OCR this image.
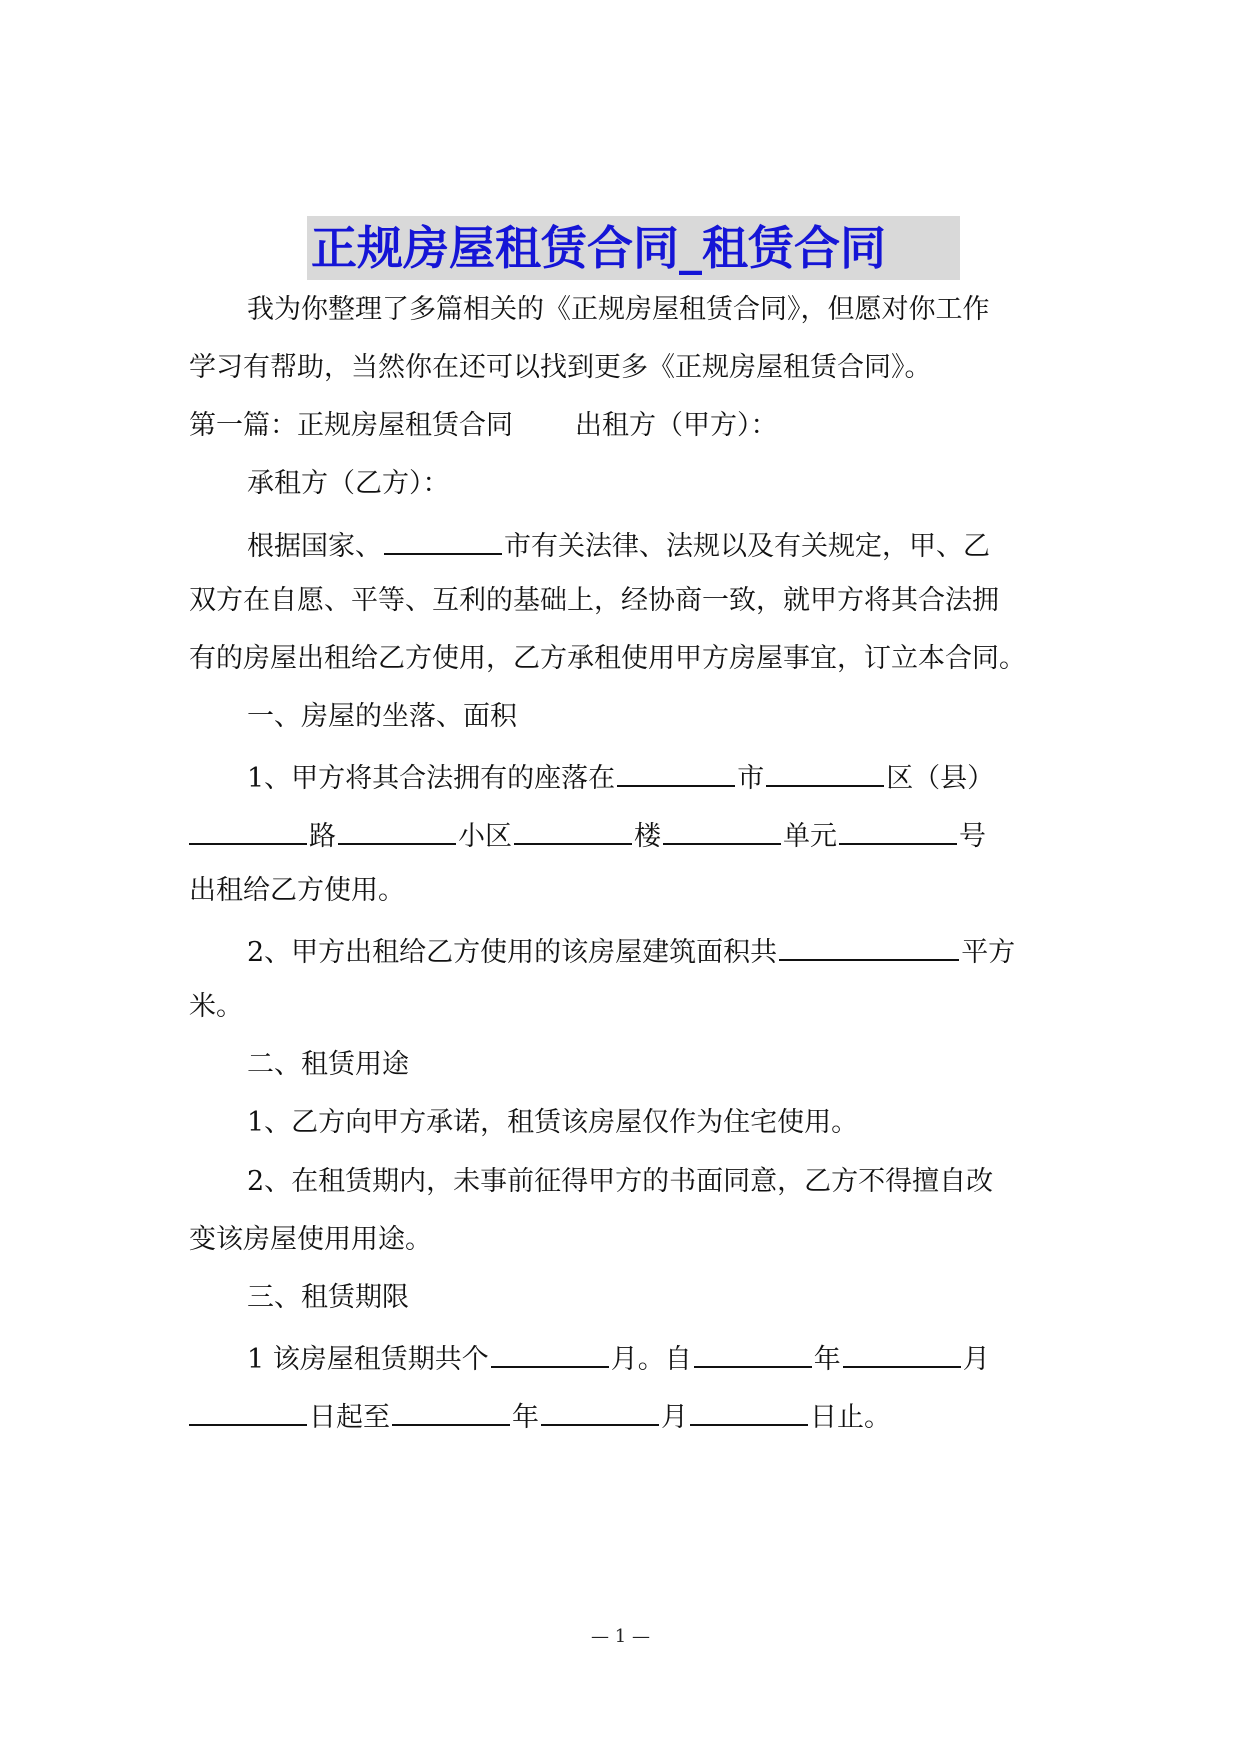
正规房屋租赁合同_租赁合同
我为你整理了多篇相关的《正规房屋租赁合同》，但愿对你工作
学习有帮助，当然你在还可以找到更多《正规房屋租赁合同》。
第一篇：正规房屋租赁合同 出租方（甲方）：
承租方（乙方）：
根据国家、	市有关法律、法规以及有关规定，甲、乙
双方在自愿、平等、互利的基础上，经协商一致，就甲方将其合法拥
有的房屋出租给乙方使用，乙方承租使用甲方房屋事宜，订立本合同。
一、房屋的坐落、面积
1、甲方将其合法拥有的座落在	市	区（县）
路	小区	楼	单元	号
出租给乙方使用。
2、甲方出租给乙方使用的该房屋建筑面积共	平方
米。
二、租赁用途
1、乙方向甲方承诺，租赁该房屋仅作为住宅使用。
2、在租赁期内，未事前征得甲方的书面同意，乙方不得擅自改
变该房屋使用用途。
三、租赁期限
1 该房屋租赁期共个	月。自	年	月
日起至	年	月	日止。
— 1 —
